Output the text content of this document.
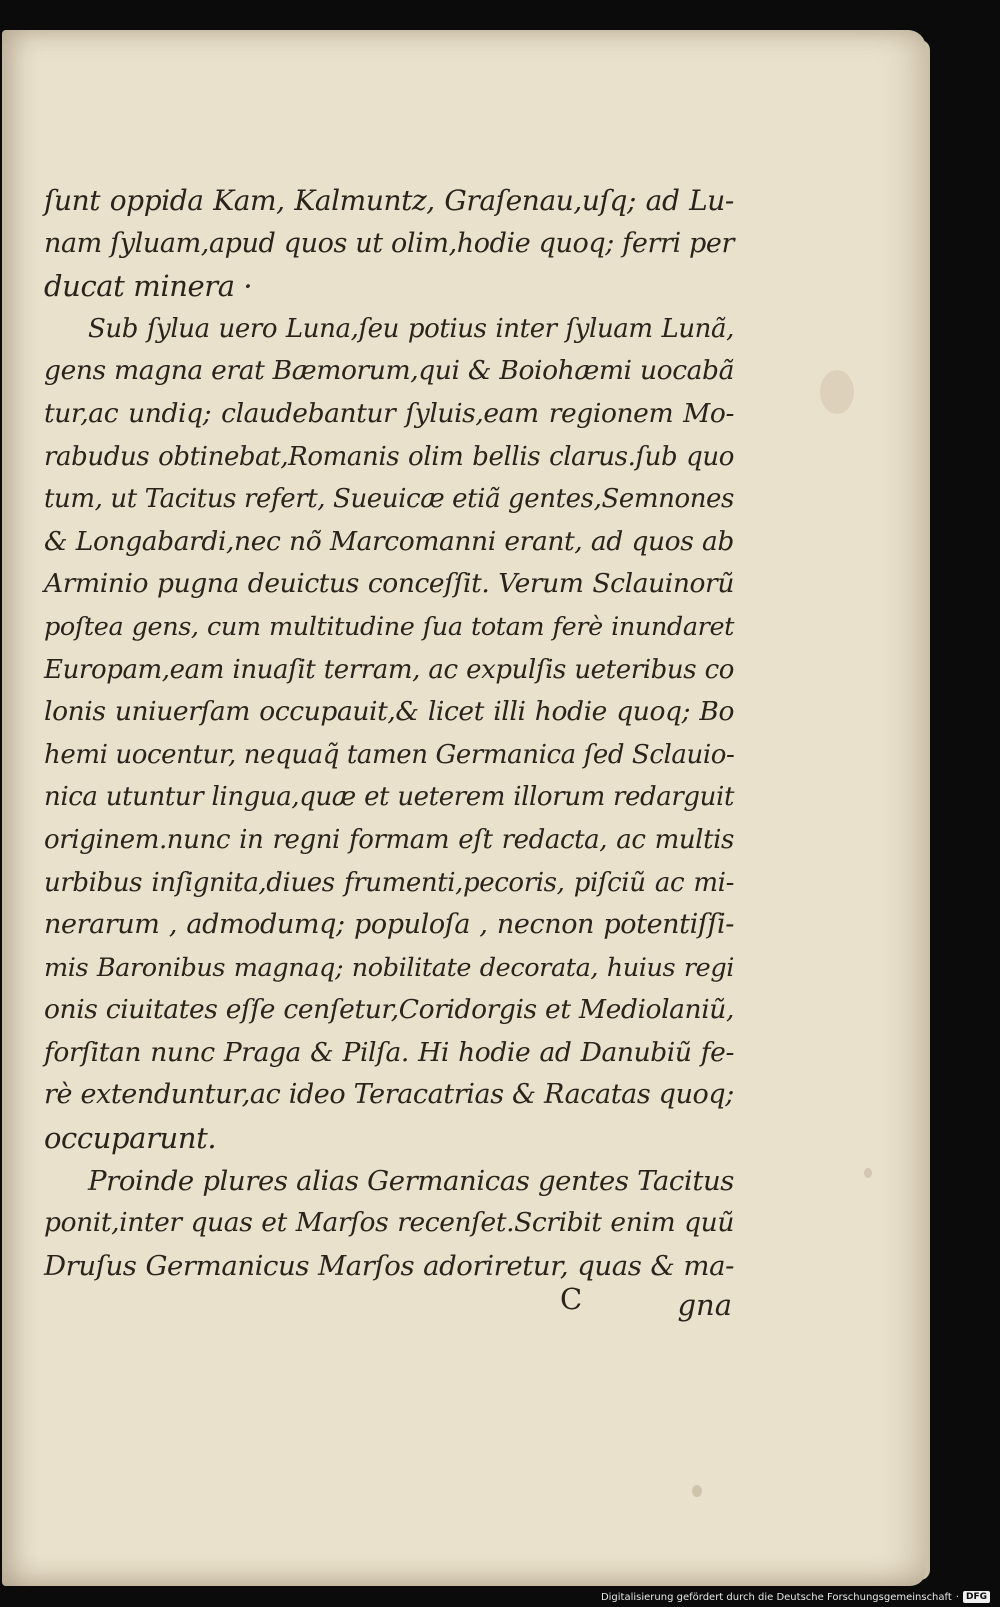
ſunt oppida Kam, Kalmuntz, Graſenau,uſq; ad Lu-
nam ſyluam,apud quos ut olim,hodie quoq; ferri per
ducat minera ·
Sub ſylua uero Luna,ſeu potius inter ſyluam Lunã,
gens magna erat Bæmorum,qui & Boiohæmi uocabã
tur,ac undiq; claudebantur ſyluis,eam regionem Mo-
rabudus obtinebat,Romanis olim bellis clarus.ſub quo
tum, ut Tacitus refert, Sueuicæ etiã gentes,Semnones
& Longabardi,nec nõ Marcomanni erant, ad quos ab
Arminio pugna deuictus conceſſit. Verum Sclauinorũ
poſtea gens, cum multitudine ſua totam ferè inundaret
Europam,eam inuaſit terram, ac expulſis ueteribus co
lonis uniuerſam occupauit,& licet illi hodie quoq; Bo
hemi uocentur, nequaq̃ tamen Germanica ſed Sclauio-
nica utuntur lingua,quæ et ueterem illorum redarguit
originem.nunc in regni formam eſt redacta, ac multis
urbibus inſignita,diues frumenti,pecoris, piſciũ ac mi-
nerarum , admodumq; populoſa , necnon potentiſſi-
mis Baronibus magnaq; nobilitate decorata, huius regi
onis ciuitates eſſe cenſetur,Coridorgis et Mediolaniũ,
forſitan nunc Praga & Pilſa. Hi hodie ad Danubiũ fe-
rè extenduntur,ac ideo Teracatrias & Racatas quoq;
occuparunt.
Proinde plures alias Germanicas gentes Tacitus
ponit,inter quas et Marſos recenſet.Scribit enim quũ
Druſus Germanicus Marſos adoriretur, quas & ma-
C	gna
Digitalisierung gefördert durch die Deutsche Forschungsgemeinschaft · DFG
